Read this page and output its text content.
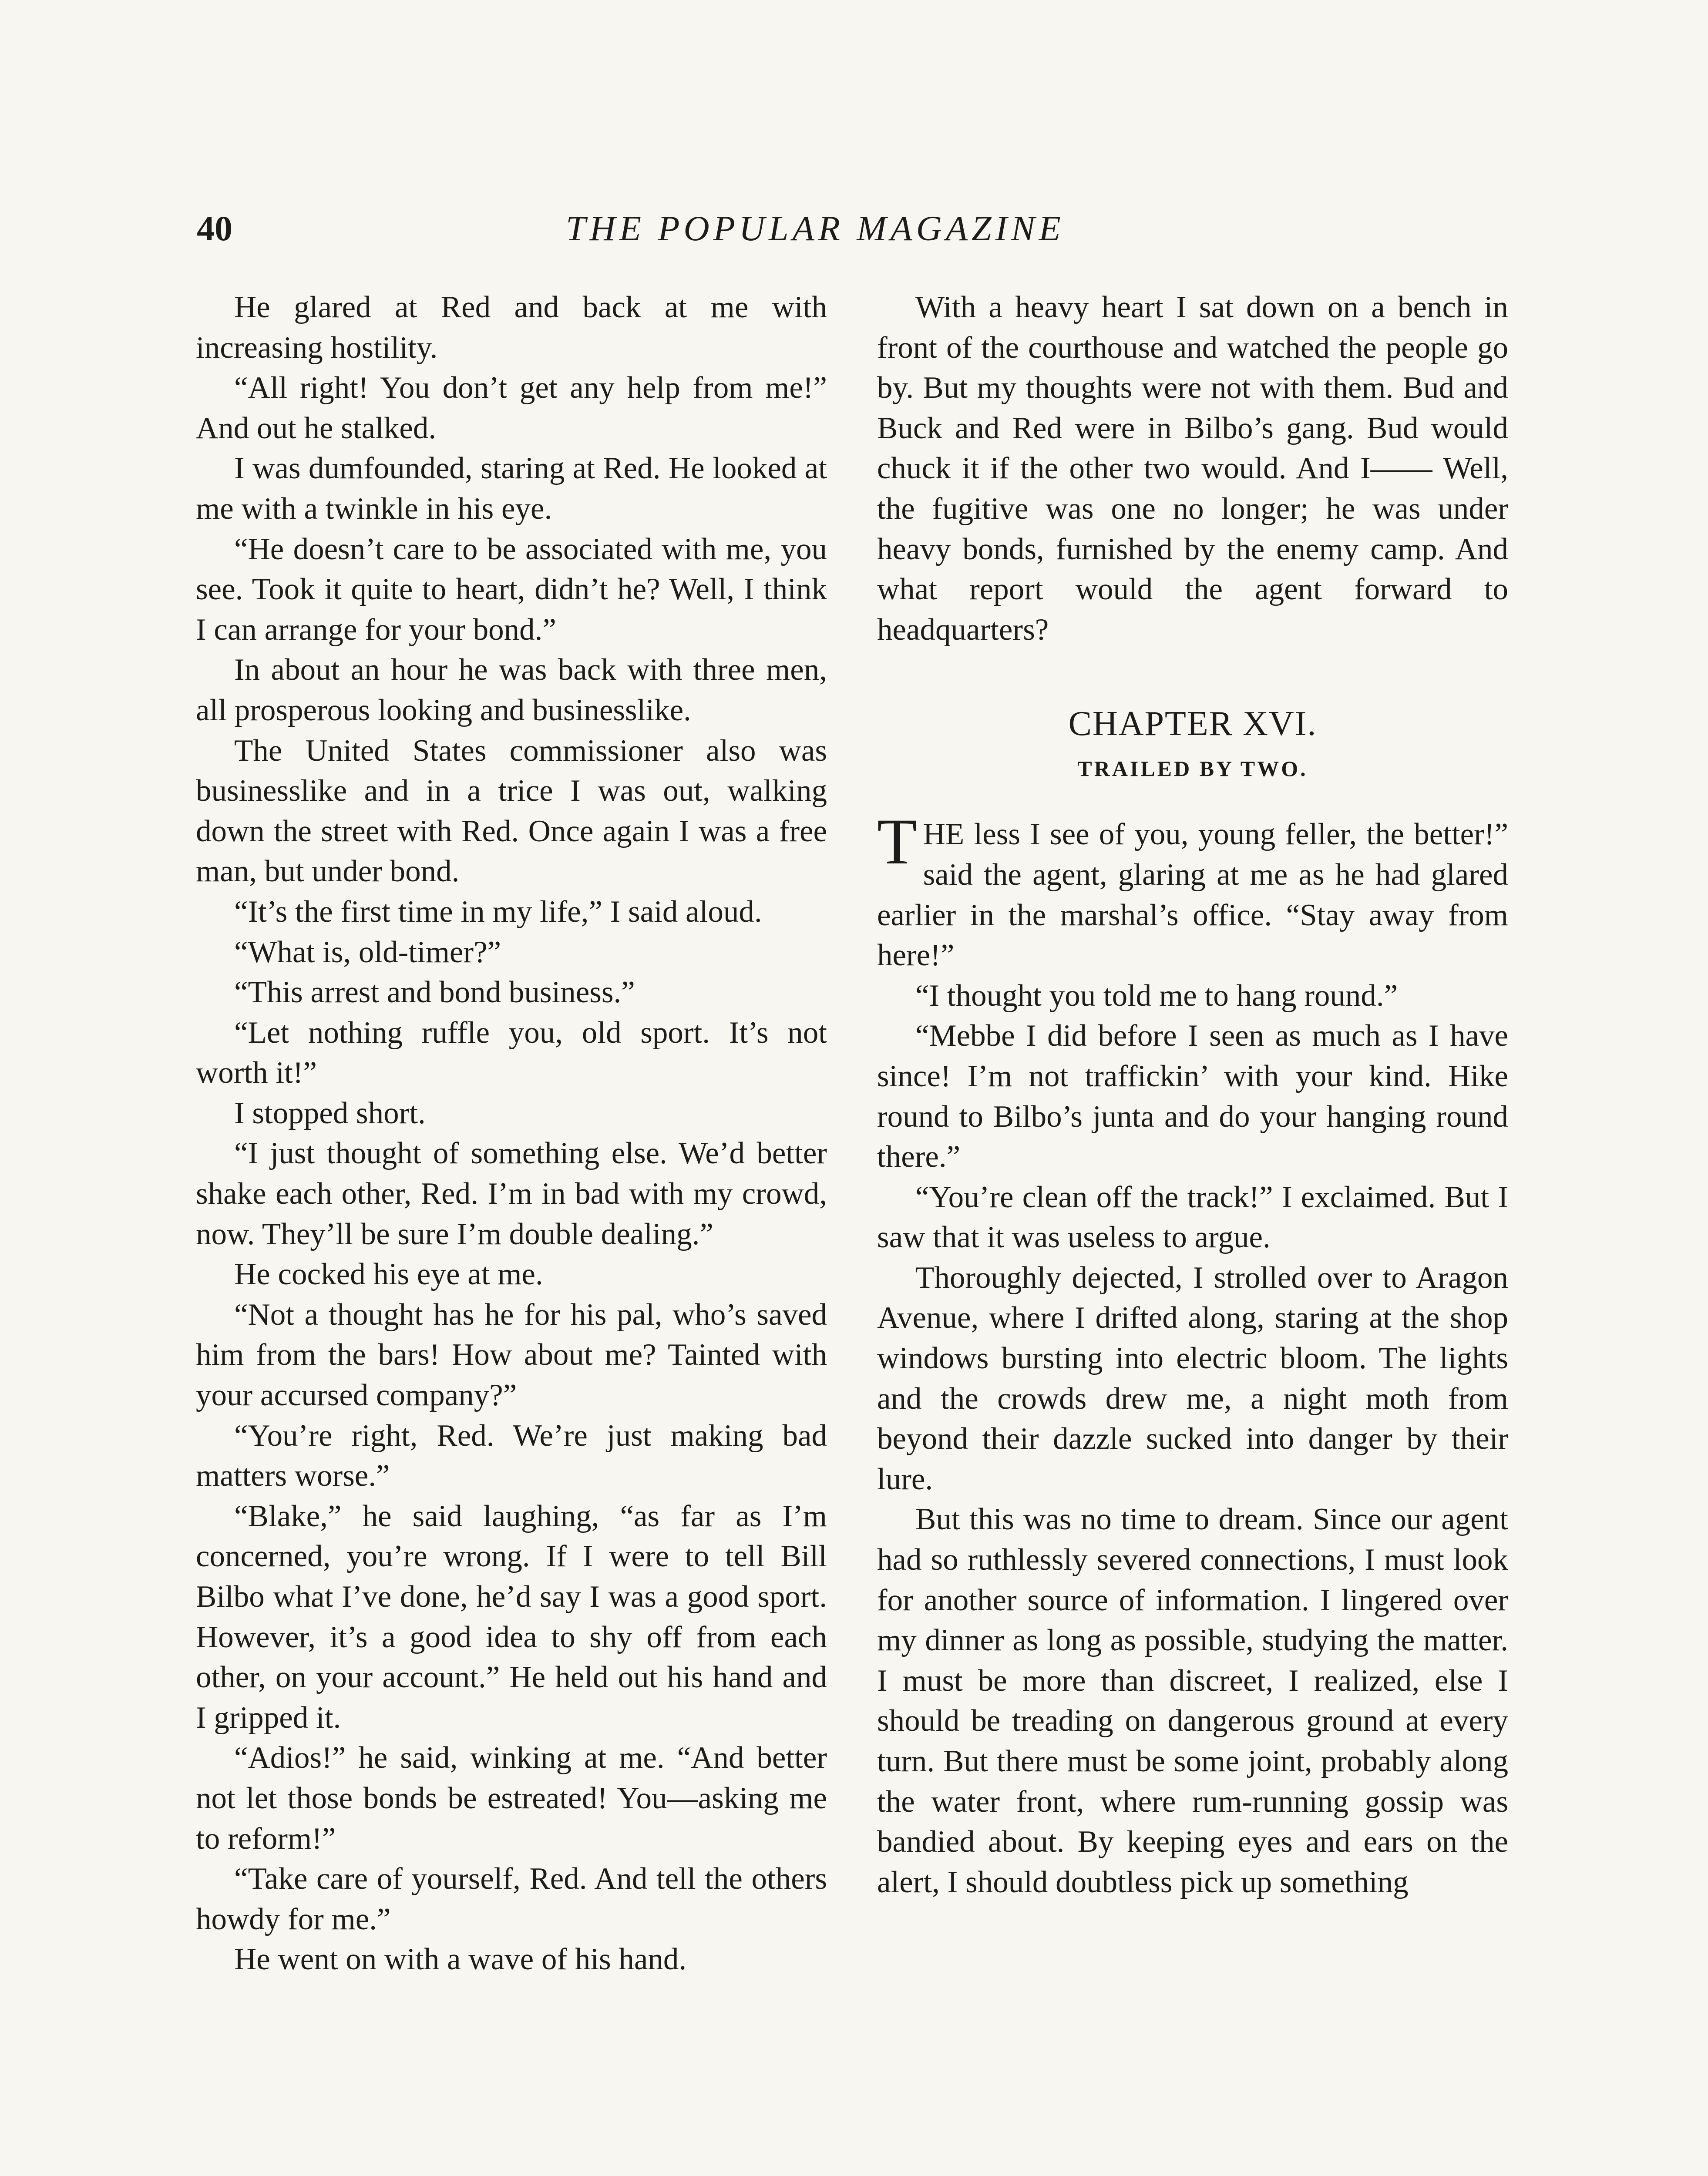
40	THE POPULAR MAGAZINE

He glared at Red and back at me with increasing hostility.

“All right! You don’t get any help from me!” And out he stalked.

I was dumfounded, staring at Red. He looked at me with a twinkle in his eye.

“He doesn’t care to be associated with me, you see. Took it quite to heart, didn’t he? Well, I think I can arrange for your bond.”

In about an hour he was back with three men, all prosperous looking and businesslike.

The United States commissioner also was businesslike and in a trice I was out, walking down the street with Red. Once again I was a free man, but under bond.

“It’s the first time in my life,” I said aloud.

“What is, old-timer?”

“This arrest and bond business.”

“Let nothing ruffle you, old sport. It’s not worth it!”

I stopped short.

“I just thought of something else. We’d better shake each other, Red. I’m in bad with my crowd, now. They’ll be sure I’m double dealing.”

He cocked his eye at me.

“Not a thought has he for his pal, who’s saved him from the bars! How about me? Tainted with your accursed company?”

“You’re right, Red. We’re just making bad matters worse.”

“Blake,” he said laughing, “as far as I’m concerned, you’re wrong. If I were to tell Bill Bilbo what I’ve done, he’d say I was a good sport. However, it’s a good idea to shy off from each other, on your account.” He held out his hand and I gripped it.

“Adios!” he said, winking at me. “And better not let those bonds be estreated! You—asking me to reform!”

“Take care of yourself, Red. And tell the others howdy for me.”

He went on with a wave of his hand.

With a heavy heart I sat down on a bench in front of the courthouse and watched the people go by. But my thoughts were not with them. Bud and Buck and Red were in Bilbo’s gang. Bud would chuck it if the other two would. And I—— Well, the fugitive was one no longer; he was under heavy bonds, furnished by the enemy camp. And what report would the agent forward to headquarters?

CHAPTER XVI.
TRAILED BY TWO.

THE less I see of you, young feller, the better!” said the agent, glaring at me as he had glared earlier in the marshal’s office. “Stay away from here!”

“I thought you told me to hang round.”

“Mebbe I did before I seen as much as I have since! I’m not traffickin’ with your kind. Hike round to Bilbo’s junta and do your hanging round there.”

“You’re clean off the track!” I exclaimed. But I saw that it was useless to argue.

Thoroughly dejected, I strolled over to Aragon Avenue, where I drifted along, staring at the shop windows bursting into electric bloom. The lights and the crowds drew me, a night moth from beyond their dazzle sucked into danger by their lure.

But this was no time to dream. Since our agent had so ruthlessly severed connections, I must look for another source of information. I lingered over my dinner as long as possible, studying the matter. I must be more than discreet, I realized, else I should be treading on dangerous ground at every turn. But there must be some joint, probably along the water front, where rum-running gossip was bandied about. By keeping eyes and ears on the alert, I should doubtless pick up something
